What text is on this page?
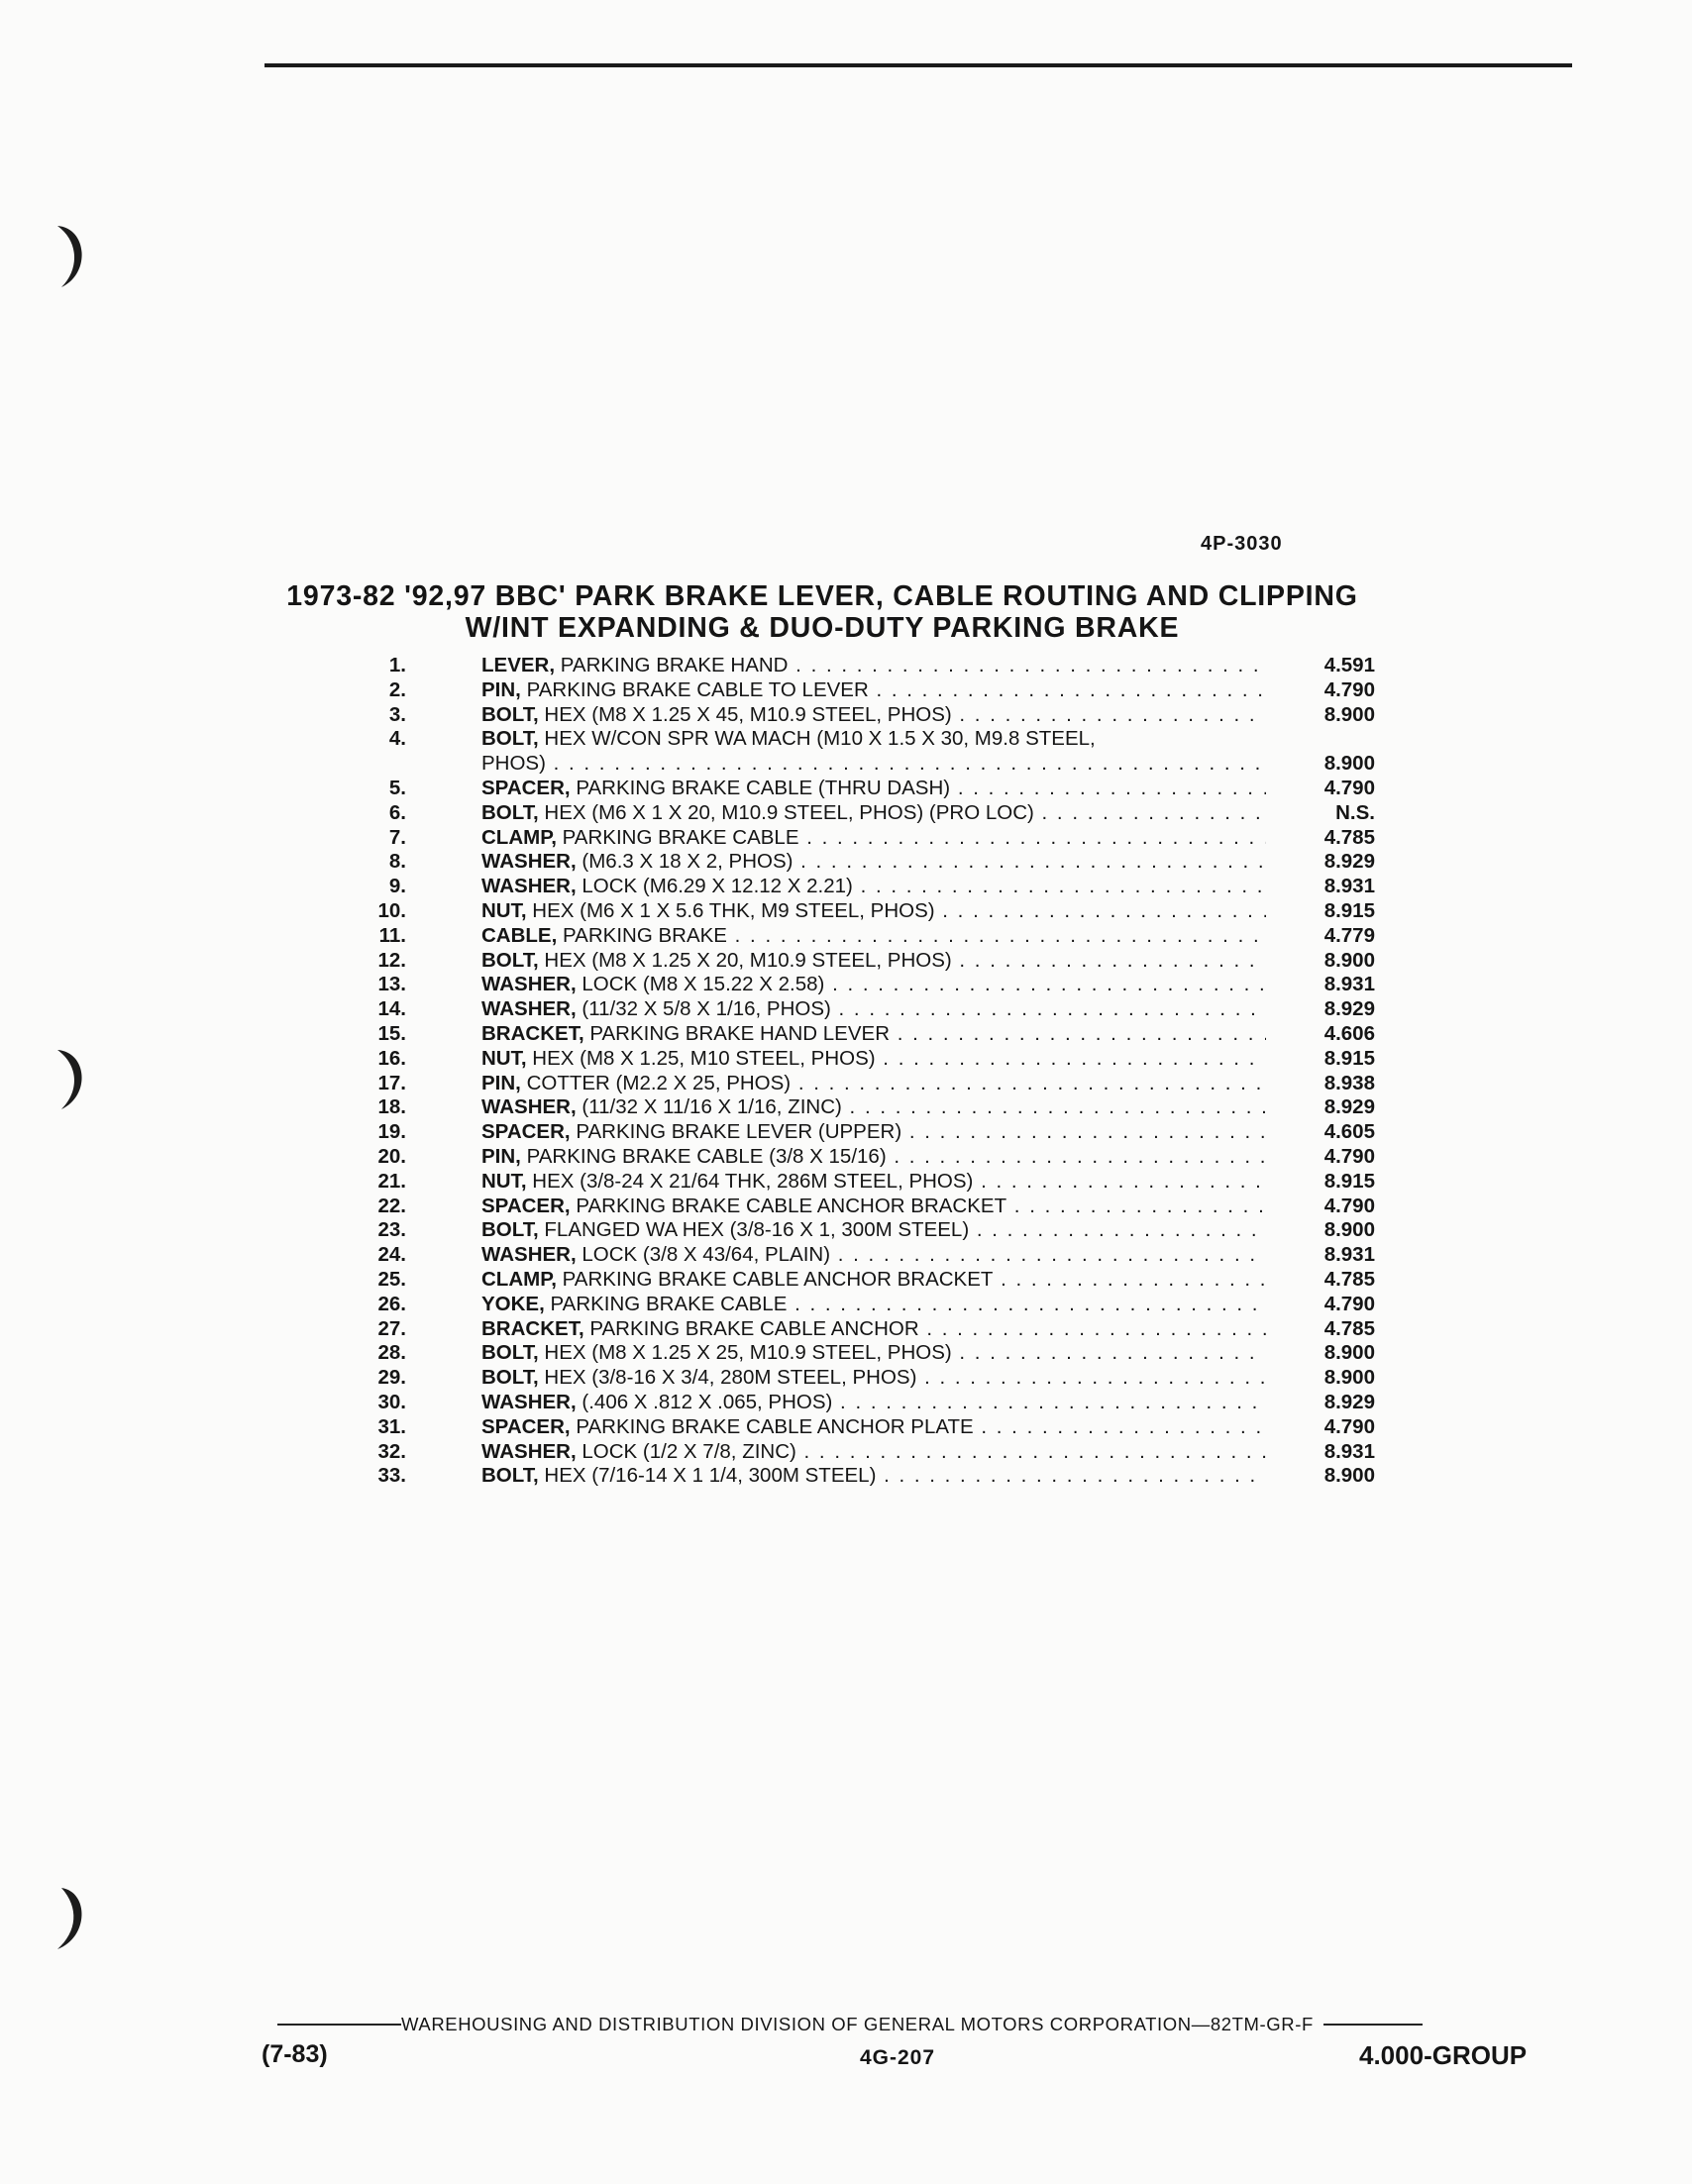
4P-3030
1973-82 '92,97 BBC' PARK BRAKE LEVER, CABLE ROUTING AND CLIPPING
W/INT EXPANDING & DUO-DUTY PARKING BRAKE
1.	LEVER, PARKING BRAKE HAND . . .	4.591
2.	PIN, PARKING BRAKE CABLE TO LEVER . . .	4.790
3.	BOLT, HEX (M8 X 1.25 X 45, M10.9 STEEL, PHOS) . . .	8.900
4.	BOLT, HEX W/CON SPR WA MACH (M10 X 1.5 X 30, M9.8 STEEL,
PHOS) . . .	8.900
5.	SPACER, PARKING BRAKE CABLE (THRU DASH) . . .	4.790
6.	BOLT, HEX (M6 X 1 X 20, M10.9 STEEL, PHOS) (PRO LOC) . . .	N.S.
7.	CLAMP, PARKING BRAKE CABLE . . .	4.785
8.	WASHER, (M6.3 X 18 X 2, PHOS) . . .	8.929
9.	WASHER, LOCK (M6.29 X 12.12 X 2.21) . . .	8.931
10.	NUT, HEX (M6 X 1 X 5.6 THK, M9 STEEL, PHOS) . . .	8.915
11.	CABLE, PARKING BRAKE . . .	4.779
12.	BOLT, HEX (M8 X 1.25 X 20, M10.9 STEEL, PHOS) . . .	8.900
13.	WASHER, LOCK (M8 X 15.22 X 2.58) . . .	8.931
14.	WASHER, (11/32 X 5/8 X 1/16, PHOS) . . .	8.929
15.	BRACKET, PARKING BRAKE HAND LEVER . . .	4.606
16.	NUT, HEX (M8 X 1.25, M10 STEEL, PHOS) . . .	8.915
17.	PIN, COTTER (M2.2 X 25, PHOS) . . .	8.938
18.	WASHER, (11/32 X 11/16 X 1/16, ZINC) . . .	8.929
19.	SPACER, PARKING BRAKE LEVER (UPPER) . . .	4.605
20.	PIN, PARKING BRAKE CABLE (3/8 X 15/16) . . .	4.790
21.	NUT, HEX (3/8-24 X 21/64 THK, 286M STEEL, PHOS) . . .	8.915
22.	SPACER, PARKING BRAKE CABLE ANCHOR BRACKET . . .	4.790
23.	BOLT, FLANGED WA HEX (3/8-16 X 1, 300M STEEL) . . .	8.900
24.	WASHER, LOCK (3/8 X 43/64, PLAIN) . . .	8.931
25.	CLAMP, PARKING BRAKE CABLE ANCHOR BRACKET . . .	4.785
26.	YOKE, PARKING BRAKE CABLE . . .	4.790
27.	BRACKET, PARKING BRAKE CABLE ANCHOR . . .	4.785
28.	BOLT, HEX (M8 X 1.25 X 25, M10.9 STEEL, PHOS) . . .	8.900
29.	BOLT, HEX (3/8-16 X 3/4, 280M STEEL, PHOS) . . .	8.900
30.	WASHER, (.406 X .812 X .065, PHOS) . . .	8.929
31.	SPACER, PARKING BRAKE CABLE ANCHOR PLATE . . .	4.790
32.	WASHER, LOCK (1/2 X 7/8, ZINC) . . .	8.931
33.	BOLT, HEX (7/16-14 X 1 1/4, 300M STEEL) . . .	8.900
WAREHOUSING AND DISTRIBUTION DIVISION OF GENERAL MOTORS CORPORATION—82TM-GR-F
(7-83)	4G-207	4.000-GROUP
